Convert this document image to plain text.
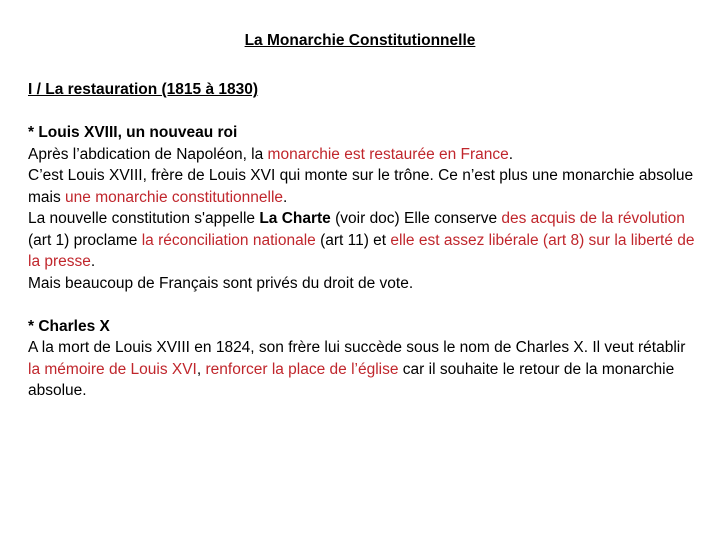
La Monarchie Constitutionnelle

I / La restauration (1815 à 1830)

* Louis XVIII, un nouveau roi

Après l’abdication de Napoléon, la monarchie est restaurée en France.

C’est Louis XVIII, frère de Louis XVI qui monte sur le trône. Ce n’est plus une monarchie absolue mais une monarchie constitutionnelle.

La nouvelle constitution s'appelle La Charte (voir doc) Elle conserve des acquis de la révolution (art 1) proclame la réconciliation nationale (art 11) et elle est assez libérale (art 8) sur la liberté de la presse.

Mais beaucoup de Français sont privés du droit de vote.

* Charles X

A la mort de Louis XVIII en 1824, son frère lui succède sous le nom de Charles X. Il veut rétablir la mémoire de Louis XVI, renforcer la place de l’église car il souhaite le retour de la monarchie absolue.
